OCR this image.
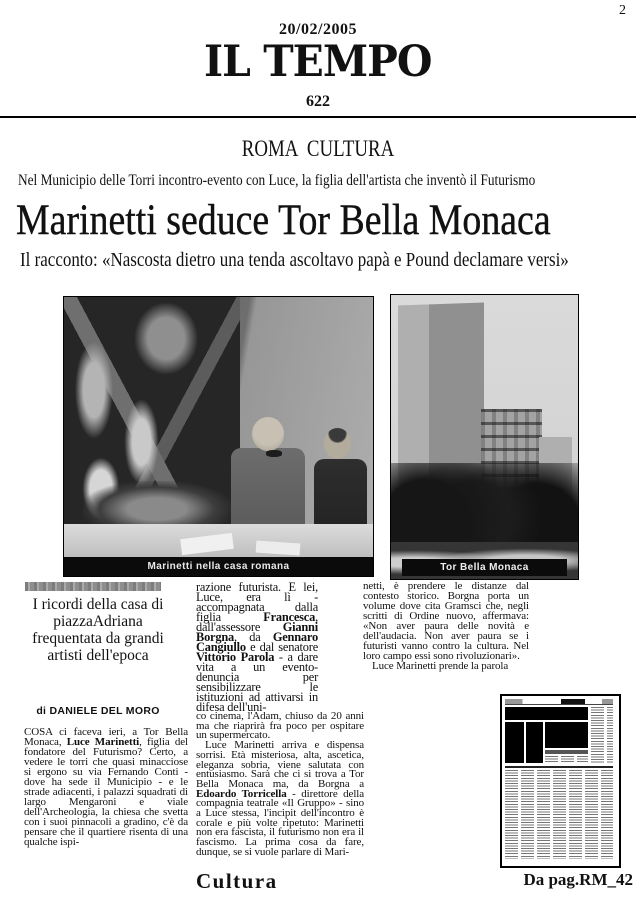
2
20/02/2005
IL TEMPO
622
ROMA CULTURA
Nel Municipio delle Torri incontro-evento con Luce, la figlia dell'artista che inventò il Futurismo
Marinetti seduce Tor Bella Monaca
Il racconto: «Nascosta dietro una tenda ascoltavo papà e Pound declamare versi»
Marinetti nella casa romana	Tor Bella Monaca
I ricordi della casa di piazzaAdriana frequentata da grandi artisti dell'epoca
di DANIELE DEL MORO
COSA ci faceva ieri, a Tor Bella Monaca, Luce Marinetti, figlia del fondatore del Futurismo? Certo, a vedere le torri che quasi minacciose si ergono su via Fernando Conti - dove ha sede il Municipio - e le strade adiacenti, i palazzi squadrati di largo Mengaroni e viale dell'Archeologia, la chiesa che svetta con i suoi pinnacoli a gradino, c'è da pensare che il quartiere risenta di una qualche ispi-
razione futurista. E lei, Luce, era lì - accompagnata dalla figlia Francesca, dall'assessore Gianni Borgna, da Gennaro Cangiullo e dal senatore Vittorio Parola - a dare vita a un evento-denuncia per sensibilizzare le istituzioni ad attivarsi in difesa dell'uni-

co cinema, l'Adam, chiuso da 20 anni ma che riaprirà fra poco per ospitare un supermercato.

Luce Marinetti arriva e dispensa sorrisi. Età misteriosa, alta, ascetica, eleganza sobria, viene salutata con entusiasmo. Sarà che ci si trova a Tor Bella Monaca ma, da Borgna a Edoardo Torricella - direttore della compagnia teatrale «Il Gruppo» - sino a Luce stessa, l'incipit dell'incontro è corale e più volte ripetuto: Marinetti non era fascista, il futurismo non era il fascismo. La prima cosa da fare, dunque, se si vuole parlare di Mari-

netti, è prendere le distanze dal contesto storico. Borgna porta un volume dove cita Gramsci che, negli scritti di Ordine nuovo, affermava: «Non aver paura delle novità e dell'audacia. Non aver paura se i futuristi vanno contro la cultura. Nel loro campo essi sono rivoluzionari».

Luce Marinetti prende la parola

Cultura	Da pag.RM_42
